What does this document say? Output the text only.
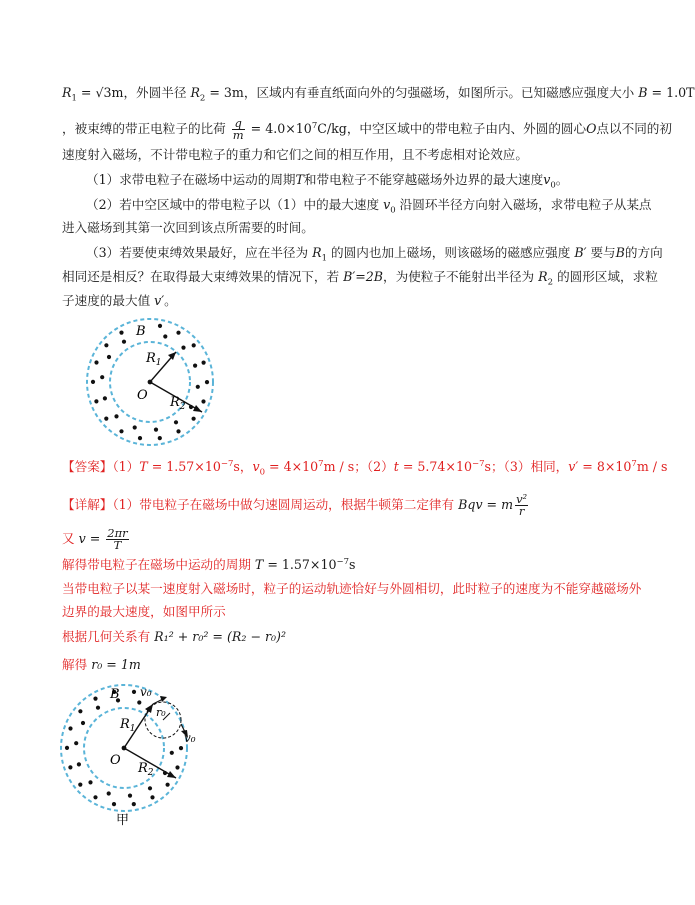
$R_1 = √3m$，外圆半径 $R_2 = 3m$，区域内有垂直纸面向外的匀强磁场，如图所示。已知磁感应强度大小 B = 1.0T
，被束缚的带正电粒子的比荷 $\frac{q}{m} = 4.0\times 10^7C/kg$，中空区域中的带电粒子由内、外圆的圆心O点以不同的初
速度射入磁场，不计带电粒子的重力和它们之间的相互作用，且不考虑相对论效应。
（1）求带电粒子在磁场中运动的周期T和带电粒子不能穿越磁场外边界的最大速度$v_0$。
（2）若中空区域中的带电粒子以（1）中的最大速度 $v_0$ 沿圆环半径方向射入磁场，求带电粒子从某点
进入磁场到其第一次回到该点所需要的时间。
（3）若要使束缚效果最好，应在半径为 $R_1$ 的圆内也加上磁场，则该磁场的磁感应强度 B′ 要与B的方向
相同还是相反？在取得最大束缚效果的情况下，若 B′=2B，为使粒子不能射出半径为 $R_2$ 的圆形区域，求粒
子速度的最大值 v′。
B
$R_1$
$R_2$
O
【答案】$(1)T = 1.57\times 10^{-7}s$，$v_0 = 4\times 10^7m / s$；$(2)t = 5.74\times 10^{-7}s$；（3）相同，$v' = 8\times 10^7m / s$
【详解】（1）带电粒子在磁场中做匀速圆周运动，根据牛顿第二定律有 Bqv = m $\frac{\text{v²}}{r}$
又 $v = \frac{2\pi r}{T}$
解得带电粒子在磁场中运动的周期 $T = 1.57\times 10^{-7}s$
当带电粒子以某一速度射入磁场时，粒子的运动轨迹恰好与外圆相切，此时粒子的速度为不能穿越磁场外
边界的最大速度，如图甲所示
根据几何关系有 R₁² + r₀² = (R₂ − r₀)²
解得 r₀ = 1m
B v₀
r₀
v₀
$R_1$
$R_2$
O
甲
